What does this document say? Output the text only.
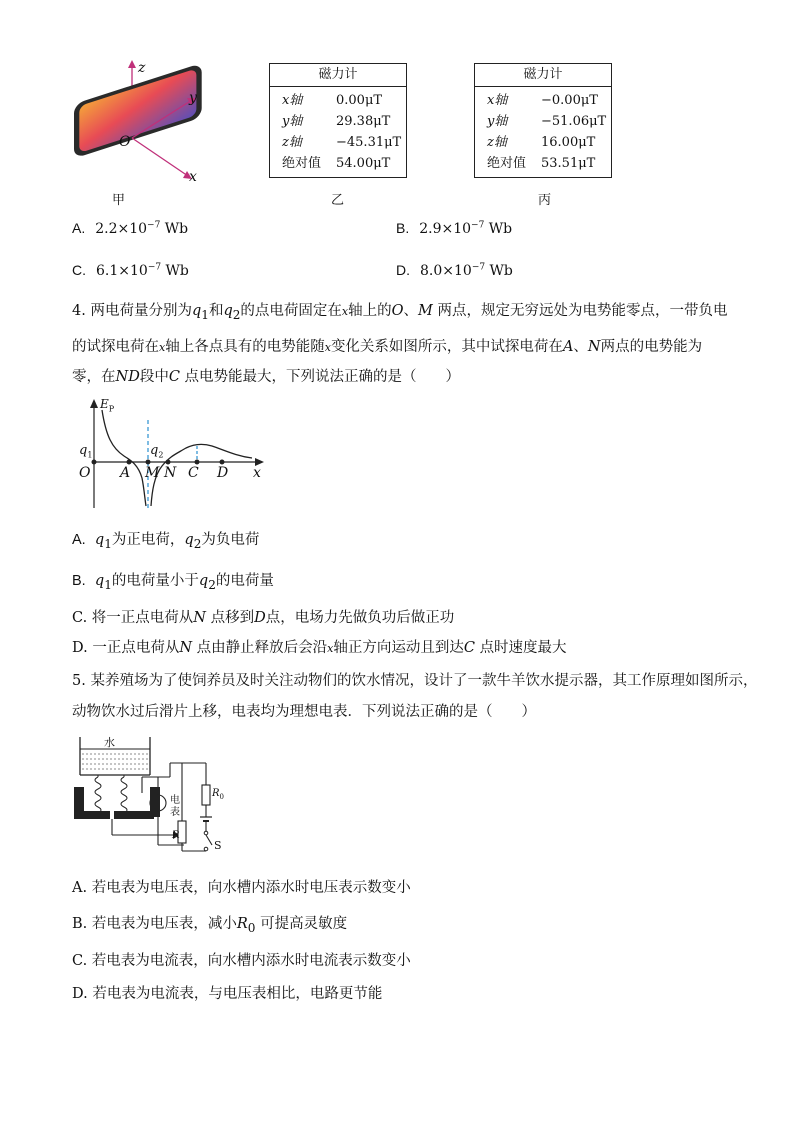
z
y
x
O
甲
磁力计
x轴	0.00μT
y轴	29.38μT
z轴	−45.31μT
绝对值	54.00μT
乙
磁力计
x轴	−0.00μT
y轴	−51.06μT
z轴	16.00μT
绝对值	53.51μT
丙
A. $2.2\times 10^{-7}$ Wb	B. $2.9\times 10^{-7}$ Wb
C. $6.1\times 10^{-7}$ Wb	D. $8.0\times 10^{-7}$ Wb
4. 两电荷量分别为$q_1$和$q_2$的点电荷固定在x轴上的O、M 两点，规定无穷远处为电势能零点，一带负电
的试探电荷在x轴上各点具有的电势能随x变化关系如图所示，其中试探电荷在A、N两点的电势能为
零，在ND段中C 点电势能最大，下列说法正确的是（　　）
$E_P$
$q_1$	$q_2$
O A M N C D x
A. $q_1$为正电荷，$q_2$为负电荷
B. $q_1$的电荷量小于$q_2$的电荷量
C. 将一正点电荷从N 点移到D点，电场力先做负功后做正功
D. 一正点电荷从N 点由静止释放后会沿x轴正方向运动且到达C 点时速度最大
5. 某养殖场为了使饲养员及时关注动物们的饮水情况，设计了一款牛羊饮水提示器，其工作原理如图所示，
动物饮水过后滑片上移，电表均为理想电表．下列说法正确的是（　　）
水
电
表
$R_0$
R
S
A. 若电表为电压表，向水槽内添水时电压表示数变小
B. 若电表为电压表，减小$R_0$ 可提高灵敏度
C. 若电表为电流表，向水槽内添水时电流表示数变小
D. 若电表为电流表，与电压表相比，电路更节能
